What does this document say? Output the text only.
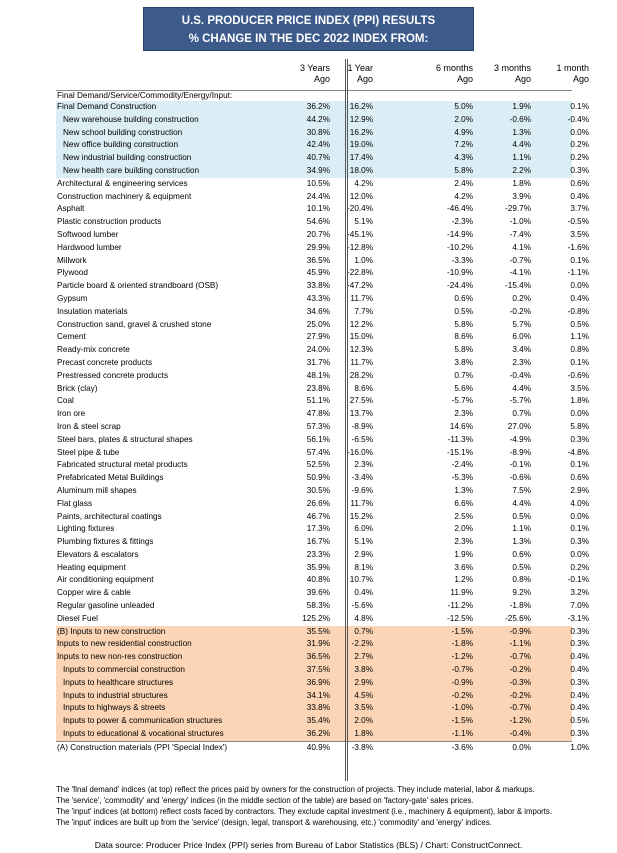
U.S. PRODUCER PRICE INDEX (PPI) RESULTS
% CHANGE IN THE DEC 2022 INDEX FROM:
3 Years
Ago
1 Year
Ago
6 months
Ago
3 months
Ago
1 month
Ago
Final Demand/Service/Commodity/Energy/Input:
Final Demand Construction	36.2%	16.2%	5.0%	1.9%	0.1%
New warehouse building construction	44.2%	12.9%	2.0%	-0.6%	-0.4%
New school building construction	30.8%	16.2%	4.9%	1.3%	0.0%
New office building construction	42.4%	19.0%	7.2%	4.4%	0.2%
New industrial building construction	40.7%	17.4%	4.3%	1.1%	0.2%
New health care building construction	34.9%	18.0%	5.8%	2.2%	0.3%
Architectural & engineering services	10.5%	4.2%	2.4%	1.8%	0.6%
Construction machinery & equipment	24.4%	12.0%	4.2%	3.9%	0.4%
Asphalt	10.1%	-20.4%	-46.4%	-29.7%	3.7%
Plastic construction products	54.6%	5.1%	-2.3%	-1.0%	-0.5%
Softwood lumber	20.7%	-45.1%	-14.9%	-7.4%	3.5%
Hardwood lumber	29.9%	-12.8%	-10.2%	4.1%	-1.6%
Millwork	36.5%	1.0%	-3.3%	-0.7%	0.1%
Plywood	45.9%	-22.8%	-10.9%	-4.1%	-1.1%
Particle board & oriented strandboard (OSB)	33.8%	-47.2%	-24.4%	-15.4%	0.0%
Gypsum	43.3%	11.7%	0.6%	0.2%	0.4%
Insulation materials	34.6%	7.7%	0.5%	-0.2%	-0.8%
Construction sand, gravel & crushed stone	25.0%	12.2%	5.8%	5.7%	0.5%
Cement	27.9%	15.0%	8.6%	6.0%	1.1%
Ready-mix concrete	24.0%	12.3%	5.8%	3.4%	0.8%
Precast concrete products	31.7%	11.7%	3.8%	2.3%	0.1%
Prestressed concrete products	48.1%	28.2%	0.7%	-0.4%	-0.6%
Brick (clay)	23.8%	8.6%	5.6%	4.4%	3.5%
Coal	51.1%	27.5%	-5.7%	-5.7%	1.8%
Iron ore	47.8%	13.7%	2.3%	0.7%	0.0%
Iron & steel scrap	57.3%	-8.9%	14.6%	27.0%	5.8%
Steel bars, plates & structural shapes	56.1%	-6.5%	-11.3%	-4.9%	0.3%
Steel pipe & tube	57.4%	-16.0%	-15.1%	-8.9%	-4.8%
Fabricated structural metal products	52.5%	2.3%	-2.4%	-0.1%	0.1%
Prefabricated Metal Buildings	50.9%	-3.4%	-5.3%	-0.6%	0.6%
Aluminum mill shapes	30.5%	-9.6%	1.3%	7.5%	2.9%
Flat glass	26.6%	11.7%	6.6%	4.4%	4.0%
Paints, architectural coatings	46.7%	15.2%	2.5%	0.5%	0.0%
Lighting fixtures	17.3%	6.0%	2.0%	1.1%	0.1%
Plumbing fixtures & fittings	16.7%	5.1%	2.3%	1.3%	0.3%
Elevators & escalators	23.3%	2.9%	1.9%	0.6%	0.0%
Heating equipment	35.9%	8.1%	3.6%	0.5%	0.2%
Air conditioning equipment	40.8%	10.7%	1.2%	0.8%	-0.1%
Copper wire & cable	39.6%	0.4%	11.9%	9.2%	3.2%
Regular gasoline unleaded	58.3%	-5.6%	-11.2%	-1.8%	7.0%
Diesel Fuel	125.2%	4.8%	-12.5%	-25.6%	-3.1%
(B) Inputs to new construction	35.5%	0.7%	-1.5%	-0.9%	0.3%
Inputs to new residential construction	31.9%	-2.2%	-1.8%	-1.1%	0.3%
Inputs to new non-res construction	36.5%	2.7%	-1.2%	-0.7%	0.4%
Inputs to commercial construction	37.5%	3.8%	-0.7%	-0.2%	0.4%
Inputs to healthcare structures	36.9%	2.9%	-0.9%	-0.3%	0.3%
Inputs to industrial structures	34.1%	4.5%	-0.2%	-0.2%	0.4%
Inputs to highways & streets	33.8%	3.5%	-1.0%	-0.7%	0.4%
Inputs to power & communication structures	35.4%	2.0%	-1.5%	-1.2%	0.5%
Inputs to educational & vocational structures	36.2%	1.8%	-1.1%	-0.4%	0.3%
(A) Construction materials (PPI 'Special Index')	40.9%	-3.8%	-3.6%	0.0%	1.0%
The 'final demand' indices (at top) reflect the prices paid by owners for the construction of projects. They include material, labor & markups.
The 'service', 'commodity' and 'energy' indices (in the middle section of the table) are based on 'factory-gate' sales prices.
The 'input' indices (at bottom) reflect costs faced by contractors. They exclude capital investment (i.e., machinery & equipment), labor & imports.
The 'input' indices are built up from the 'service' (design, legal, transport & warehousing, etc.) 'commodity' and 'energy' indices.
Data source: Producer Price Index (PPI) series from Bureau of Labor Statistics (BLS) / Chart: ConstructConnect.
